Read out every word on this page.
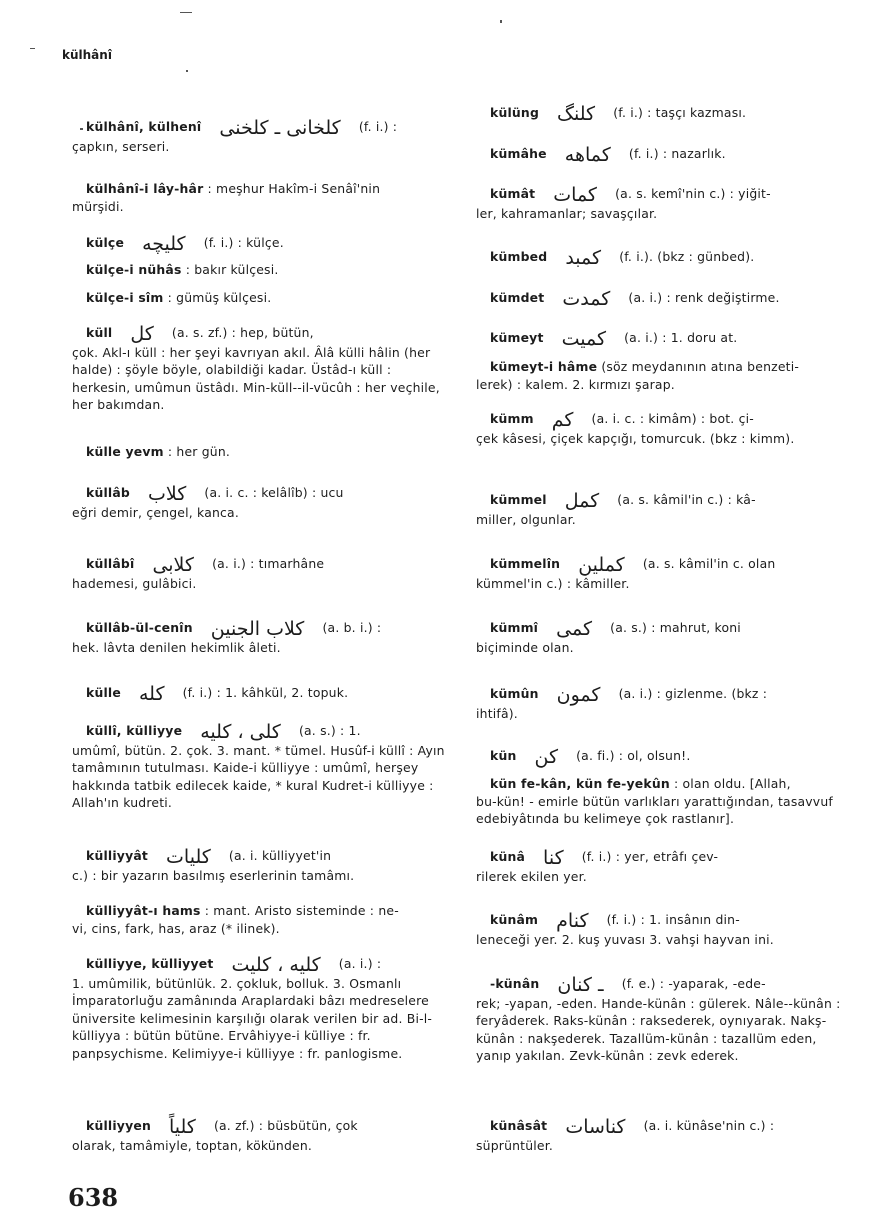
külhânî
külhânî, külhenî کلخانى ـ کلخنى (f. i.) :
çapkın, serseri.
külhânî-i lây-hâr : meşhur Hakîm-i Senâî'nin
mürşidi.
külçe کلیچه (f. i.) : külçe.
külçe-i nühâs : bakır külçesi.
külçe-i sîm : gümüş külçesi.
küll کل (a. s. zf.) : hep, bütün,
çok. Akl-ı küll : her şeyi kavrıyan akıl. Âlâ külli hâlin (her halde) : şöyle böyle, olabildiği kadar. Üstâd-ı küll : herkesin, umûmun üstâdı. Min-küll--il-vücûh : her veçhile, her bakımdan.
külle yevm : her gün.
küllâb کلاب (a. i. c. : kelâlîb) : ucu
eğri demir, çengel, kanca.
küllâbî کلابى (a. i.) : tımarhâne
hademesi, gulâbici.
küllâb-ül-cenîn کلاب الجنین (a. b. i.) :
hek. lâvta denilen hekimlik âleti.
külle کله (f. i.) : 1. kâhkül, 2. topuk.
küllî, külliyye کلى ، کلیه (a. s.) : 1.
umûmî, bütün. 2. çok. 3. mant. * tümel. Husûf-i küllî : Ayın tamâmının tutulması. Kaide-i külliyye : umûmî, herşey hakkında tatbik edilecek kaide, * kural Kudret-i külliyye : Allah'ın kudreti.
külliyyât کلیات (a. i. külliyyet'in
c.) : bir yazarın basılmış eserlerinin tamâmı.
külliyyât-ı hams : mant. Aristo sisteminde : ne-
vi, cins, fark, has, araz (* ilinek).
külliyye, külliyyet کلیه ، کلیت (a. i.) :
1. umûmilik, bütünlük. 2. çokluk, bolluk. 3. Osmanlı İmparatorluğu zamânında Araplardaki bâzı medreselere üniversite kelimesinin karşılığı olarak verilen bir ad. Bi-l-külliyya : bütün bütüne. Ervâhiyye-i külliye : fr. panpsychisme. Kelimiyye-i külliyye : fr. panlogisme.
külliyyen کلیاً (a. zf.) : büsbütün, çok
olarak, tamâmiyle, toptan, kökünden.
külüng کلنگ (f. i.) : taşçı kazması.
kümâhe کماهه (f. i.) : nazarlık.
kümât کمات (a. s. kemî'nin c.) : yiğit-
ler, kahramanlar; savaşçılar.
kümbed کمبد (f. i.). (bkz : günbed).
kümdet کمدت (a. i.) : renk değiştirme.
kümeyt کمیت (a. i.) : 1. doru at.
kümeyt-i hâme (söz meydanının atına benzeti-
lerek) : kalem. 2. kırmızı şarap.
kümm کم (a. i. c. : kimâm) : bot. çi-
çek kâsesi, çiçek kapçığı, tomurcuk. (bkz : kimm).
kümmel کمل (a. s. kâmil'in c.) : kâ-
miller, olgunlar.
kümmelîn کملین (a. s. kâmil'in c. olan
kümmel'in c.) : kâmiller.
kümmî کمى (a. s.) : mahrut, koni
biçiminde olan.
kümûn کمون (a. i.) : gizlenme. (bkz :
ihtifâ).
kün کن (a. fi.) : ol, olsun!.
kün fe-kân, kün fe-yekûn : olan oldu. [Allah,
bu-kün! - emirle bütün varlıkları yarattığından, tasavvuf edebiyâtında bu kelimeye çok rastlanır].
künâ کنا (f. i.) : yer, etrâfı çev-
rilerek ekilen yer.
künâm کنام (f. i.) : 1. insânın din-
leneceği yer. 2. kuş yuvası 3. vahşi hayvan ini.
-künân ـ کنان (f. e.) : -yaparak, -ede-
rek; -yapan, -eden. Hande-künân : gülerek. Nâle--künân : feryâderek. Raks-künân : raksederek, oynıyarak. Nakş-künân : nakşederek. Tazallüm-künân : tazallüm eden, yanıp yakılan. Zevk-künân : zevk ederek.
künâsât کناسات (a. i. künâse'nin c.) :
süprüntüler.
638
